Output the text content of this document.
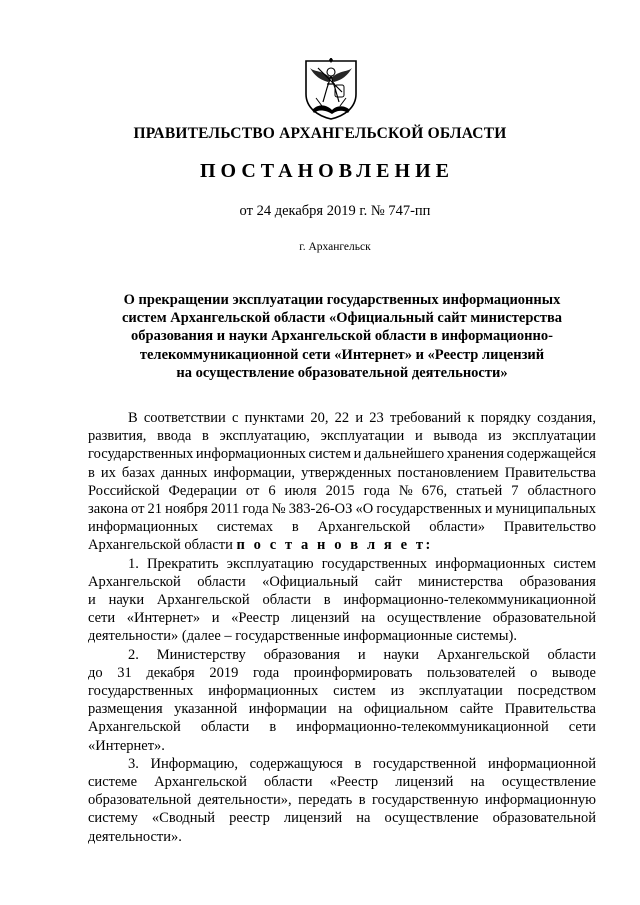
ПРАВИТЕЛЬСТВО АРХАНГЕЛЬСКОЙ ОБЛАСТИ
ПОСТАНОВЛЕНИЕ
от 24 декабря 2019 г. № 747-пп
г. Архангельск
О прекращении эксплуатации государственных информационных
систем Архангельской области «Официальный сайт министерства
образования и науки Архангельской области в информационно-
телекоммуникационной сети «Интернет» и «Реестр лицензий
на осуществление образовательной деятельности»
В соответствии с пунктами 20, 22 и 23 требований к порядку создания,
развития, ввода в эксплуатацию, эксплуатации и вывода из эксплуатации
государственных информационных систем и дальнейшего хранения содержащейся
в их базах данных информации, утвержденных постановлением Правительства
Российской Федерации от 6 июля 2015 года № 676, статьей 7 областного
закона от 21 ноября 2011 года № 383-26-ОЗ «О государственных и муниципальных
информационных системах в Архангельской области» Правительство
Архангельской области
п о с т а н о в л я е т:
1. Прекратить эксплуатацию государственных информационных систем
Архангельской области «Официальный сайт министерства образования
и науки Архангельской области в информационно-телекоммуникационной
сети «Интернет» и «Реестр лицензий на осуществление образовательной
деятельности» (далее – государственные информационные системы).
2. Министерству образования и науки Архангельской области
до 31 декабря 2019 года проинформировать пользователей о выводе
государственных информационных систем из эксплуатации посредством
размещения указанной информации на официальном сайте Правительства
Архангельской области в информационно-телекоммуникационной сети
«Интернет».
3. Информацию, содержащуюся в государственной информационной
системе Архангельской области «Реестр лицензий на осуществление
образовательной деятельности», передать в государственную информационную
систему «Сводный реестр лицензий на осуществление образовательной
деятельности».
